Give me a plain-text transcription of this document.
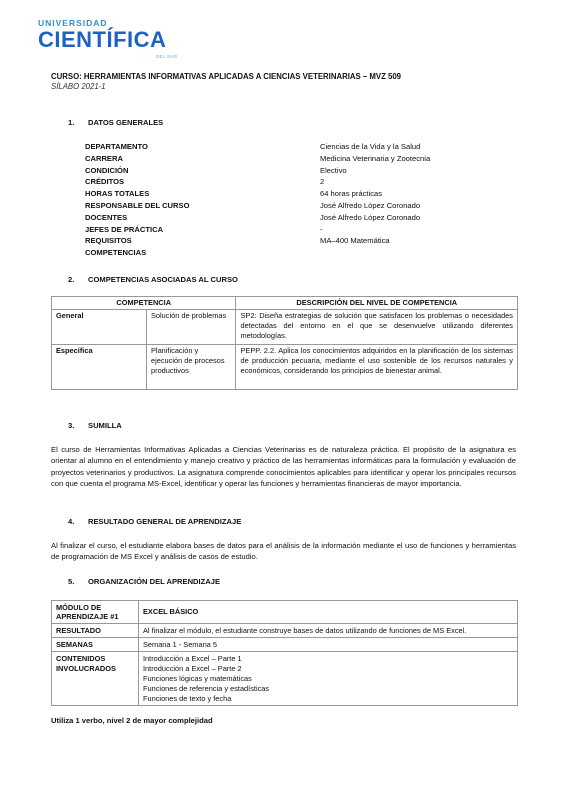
UNIVERSIDAD
CIENTÍFICA
DEL SUR
CURSO: HERRAMIENTAS INFORMATIVAS APLICADAS A CIENCIAS VETERINARIAS – MVZ 509
SÍLABO 2021-1
1. DATOS GENERALES
DEPARTAMENTO	Ciencias de la Vida y la Salud
CARRERA	Medicina Veterinaria y Zootecnia
CONDICIÓN	Electivo
CRÉDITOS	2
HORAS TOTALES	64 horas prácticas
RESPONSABLE DEL CURSO	José Alfredo López Coronado
DOCENTES	José Alfredo López Coronado
JEFES DE PRÁCTICA	-
REQUISITOS	MA–400 Matemática
COMPETENCIAS
2. COMPETENCIAS ASOCIADAS AL CURSO
COMPETENCIA		DESCRIPCIÓN DEL NIVEL DE COMPETENCIA
General	Solución de problemas	SP2: Diseña estrategias de solución que satisfacen los problemas o necesidades detectadas del entorno en el que se desenvuelve utilizando diferentes metodologías.
Específica	Planificación y ejecución de procesos productivos	PEPP. 2.2. Aplica los conocimientos adquiridos en la planificación de los sistemas de producción pecuaria, mediante el uso sostenible de los recursos naturales y económicos, considerando los principios de bienestar animal.
3. SUMILLA
El curso de Herramientas Informativas Aplicadas a Ciencias Veterinarias es de naturaleza práctica. El propósito de la asignatura es orientar al alumno en el entendimiento y manejo creativo y práctico de las herramientas informáticas para la formulación y evaluación de proyectos veterinarios y productivos. La asignatura comprende conocimientos aplicables para identificar y operar los principales recursos con que cuenta el programa MS-Excel, identificar y operar las funciones y herramientas financieras de mayor importancia.
4. RESULTADO GENERAL DE APRENDIZAJE
Al finalizar el curso, el estudiante elabora bases de datos para el análisis de la información mediante el uso de funciones y herramientas de programación de MS Excel y análisis de casos de estudio.
5. ORGANIZACIÓN DEL APRENDIZAJE
MÓDULO DE APRENDIZAJE #1	EXCEL BÁSICO
RESULTADO	Al finalizar el módulo, el estudiante construye bases de datos utilizando de funciones de MS Excel.
SEMANAS	Semana 1 - Semana 5
CONTENIDOS INVOLUCRADOS	Introducción a Excel – Parte 1
Introducción a Excel – Parte 2
Funciones lógicas y matemáticas
Funciones de referencia y estadísticas
Funciones de texto y fecha
Utiliza 1 verbo, nivel 2 de mayor complejidad
